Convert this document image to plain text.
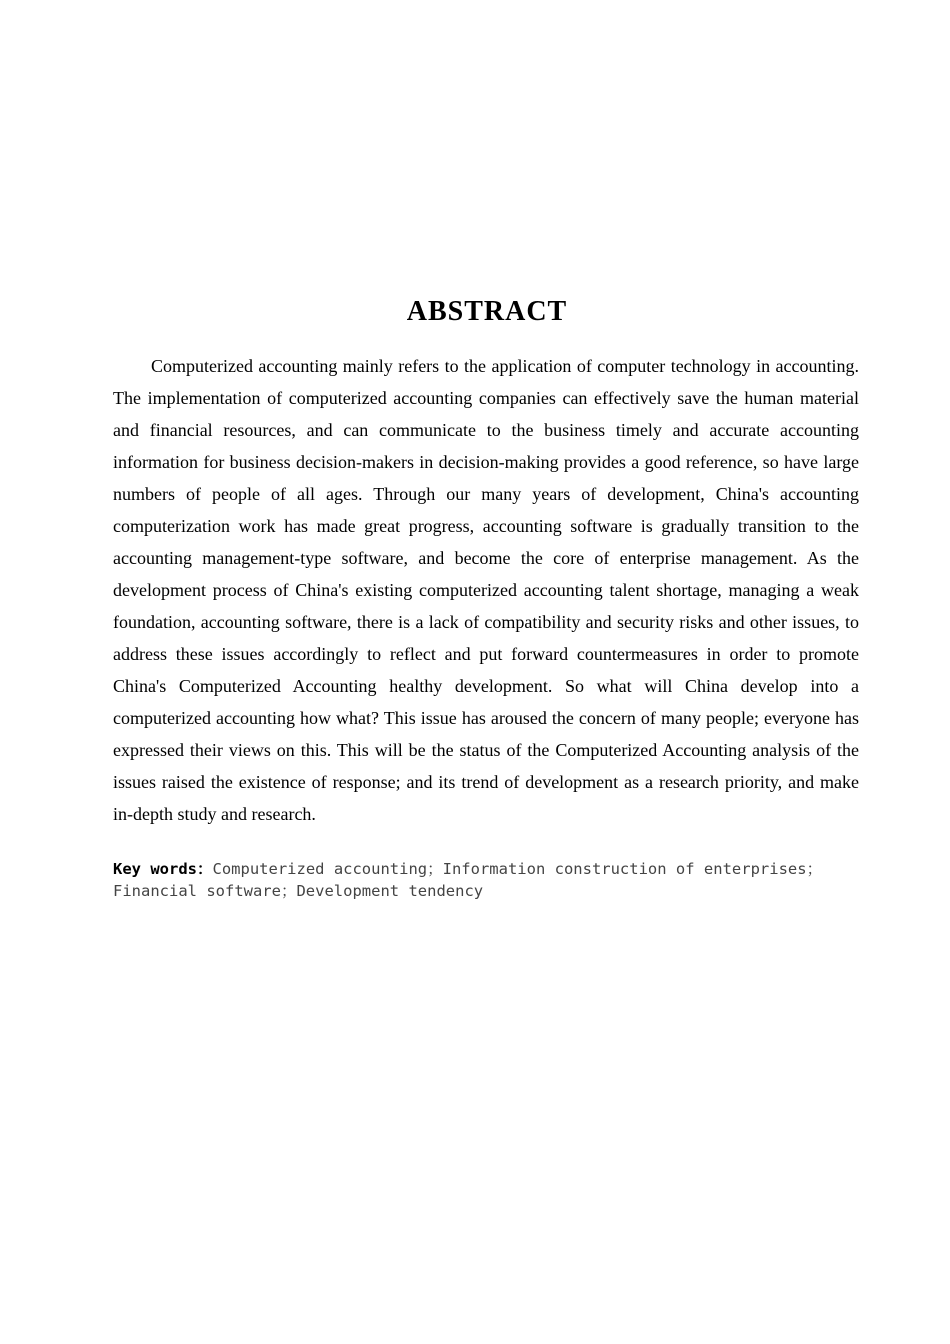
ABSTRACT

Computerized accounting mainly refers to the application of computer technology in accounting. The implementation of computerized accounting companies can effectively save the human material and financial resources, and can communicate to the business timely and accurate accounting information for business decision-makers in decision-making provides a good reference, so have large numbers of people of all ages. Through our many years of development, China's accounting computerization work has made great progress, accounting software is gradually transition to the accounting management-type software, and become the core of enterprise management. As the development process of China's existing computerized accounting talent shortage, managing a weak foundation, accounting software, there is a lack of compatibility and security risks and other issues, to address these issues accordingly to reflect and put forward countermeasures in order to promote China's Computerized Accounting healthy development. So what will China develop into a computerized accounting how what? This issue has aroused the concern of many people; everyone has expressed their views on this. This will be the status of the Computerized Accounting analysis of the issues raised the existence of response; and its trend of development as a research priority, and make in-depth study and research.

Key words：Computerized accounting；Information construction of enterprises；Financial software；Development tendency
